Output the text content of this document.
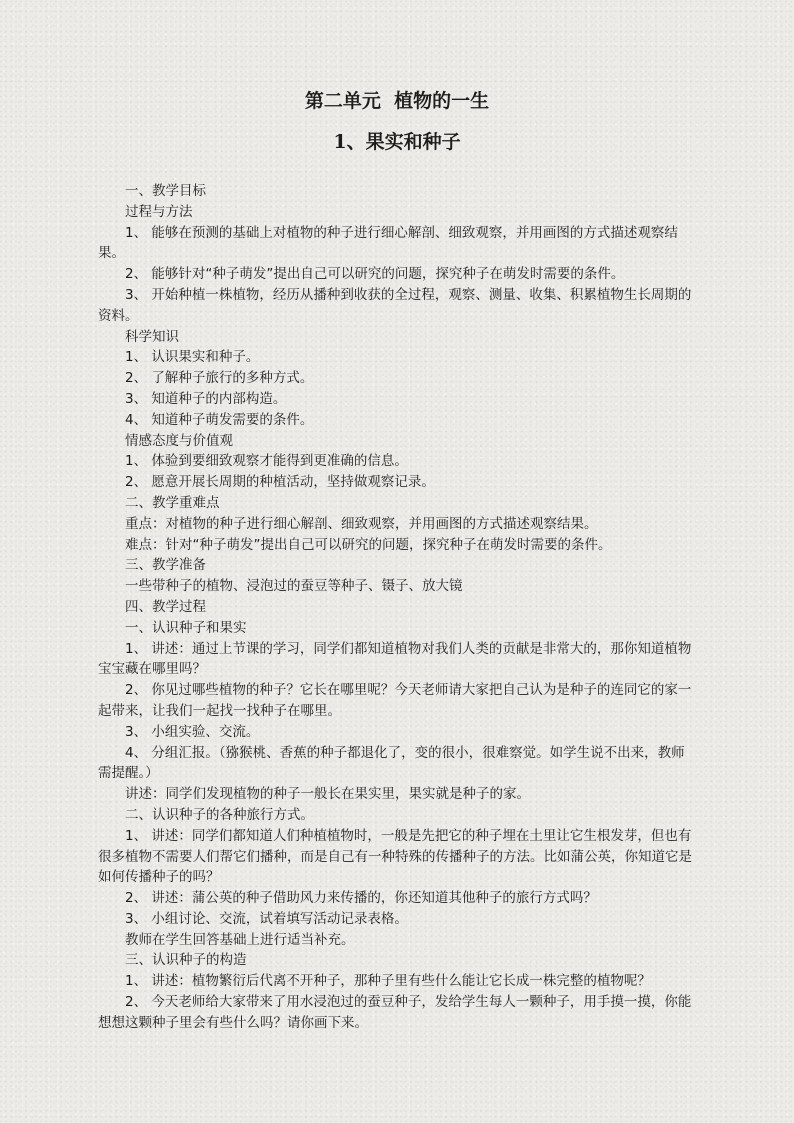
第二单元  植物的一生
1、果实和种子

一、教学目标

过程与方法

1、 能够在预测的基础上对植物的种子进行细心解剖、细致观察，并用画图的方式描述观察结果。

2、 能够针对“种子萌发”提出自己可以研究的问题，探究种子在萌发时需要的条件。

3、 开始种植一株植物，经历从播种到收获的全过程，观察、测量、收集、积累植物生长周期的资料。

科学知识

1、 认识果实和种子。

2、 了解种子旅行的多种方式。

3、 知道种子的内部构造。

4、 知道种子萌发需要的条件。

情感态度与价值观

1、 体验到要细致观察才能得到更准确的信息。

2、 愿意开展长周期的种植活动，坚持做观察记录。

二、教学重难点

重点：对植物的种子进行细心解剖、细致观察，并用画图的方式描述观察结果。

难点：针对“种子萌发”提出自己可以研究的问题，探究种子在萌发时需要的条件。

三、教学准备

一些带种子的植物、浸泡过的蚕豆等种子、镊子、放大镜

四、教学过程

一、认识种子和果实

1、 讲述：通过上节课的学习，同学们都知道植物对我们人类的贡献是非常大的，那你知道植物宝宝藏在哪里吗？

2、 你见过哪些植物的种子？它长在哪里呢？今天老师请大家把自己认为是种子的连同它的家一起带来，让我们一起找一找种子在哪里。

3、 小组实验、交流。

4、 分组汇报。（猕猴桃、香蕉的种子都退化了，变的很小，很难察觉。如学生说不出来，教师需提醒。）

讲述：同学们发现植物的种子一般长在果实里，果实就是种子的家。

二、认识种子的各种旅行方式。

1、 讲述：同学们都知道人们种植植物时，一般是先把它的种子埋在土里让它生根发芽，但也有很多植物不需要人们帮它们播种，而是自己有一种特殊的传播种子的方法。比如蒲公英，你知道它是如何传播种子的吗？

2、 讲述：蒲公英的种子借助风力来传播的，你还知道其他种子的旅行方式吗？

3、 小组讨论、交流，试着填写活动记录表格。

教师在学生回答基础上进行适当补充。

三、认识种子的构造

1、 讲述：植物繁衍后代离不开种子，那种子里有些什么能让它长成一株完整的植物呢？

2、 今天老师给大家带来了用水浸泡过的蚕豆种子，发给学生每人一颗种子，用手摸一摸，你能想想这颗种子里会有些什么吗？请你画下来。
